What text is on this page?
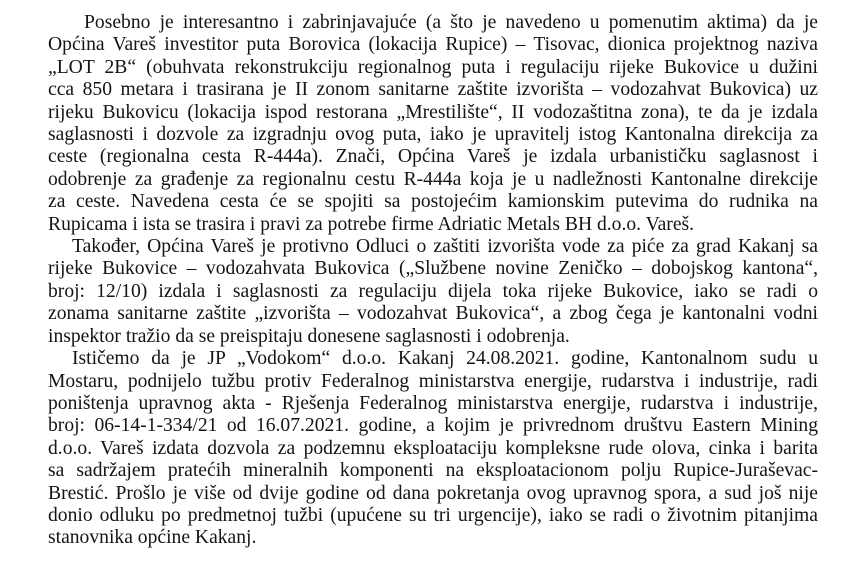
Posebno je interesantno i zabrinjavajuće (a što je navedeno u pomenutim aktima) da je
Općina Vareš investitor puta Borovica (lokacija Rupice) – Tisovac, dionica projektnog naziva
„LOT 2B“ (obuhvata rekonstrukciju regionalnog puta i regulaciju rijeke Bukovice u dužini
cca 850 metara i trasirana je II zonom sanitarne zaštite izvorišta – vodozahvat Bukovica) uz
rijeku Bukovicu (lokacija ispod restorana „Mrestilište“, II vodozaštitna zona), te da je izdala
saglasnosti i dozvole za izgradnju ovog puta, iako je upravitelj istog Kantonalna direkcija za
ceste (regionalna cesta R-444a). Znači, Općina Vareš je izdala urbanističku saglasnost i
odobrenje za građenje za regionalnu cestu R-444a koja je u nadležnosti Kantonalne direkcije
za ceste. Navedena cesta će se spojiti sa postojećim kamionskim putevima do rudnika na
Rupicama i ista se trasira i pravi za potrebe firme Adriatic Metals BH d.o.o. Vareš.
Također, Općina Vareš je protivno Odluci o zaštiti izvorišta vode za piće za grad Kakanj sa
rijeke Bukovice – vodozahvata Bukovica („Službene novine Zeničko – dobojskog kantona“,
broj: 12/10) izdala i saglasnosti za regulaciju dijela toka rijeke Bukovice, iako se radi o
zonama sanitarne zaštite „izvorišta – vodozahvat Bukovica“, a zbog čega je kantonalni vodni
inspektor tražio da se preispitaju donesene saglasnosti i odobrenja.
Ističemo da je JP „Vodokom“ d.o.o. Kakanj 24.08.2021. godine, Kantonalnom sudu u
Mostaru, podnijelo tužbu protiv Federalnog ministarstva energije, rudarstva i industrije, radi
poništenja upravnog akta - Rješenja Federalnog ministarstva energije, rudarstva i industrije,
broj: 06-14-1-334/21 od 16.07.2021. godine, a kojim je privrednom društvu Eastern Mining
d.o.o. Vareš izdata dozvola za podzemnu eksploataciju kompleksne rude olova, cinka i barita
sa sadržajem pratećih mineralnih komponenti na eksploatacionom polju Rupice-Juraševac-
Brestić. Prošlo je više od dvije godine od dana pokretanja ovog upravnog spora, a sud još nije
donio odluku po predmetnoj tužbi (upućene su tri urgencije), iako se radi o životnim pitanjima
stanovnika općine Kakanj.
